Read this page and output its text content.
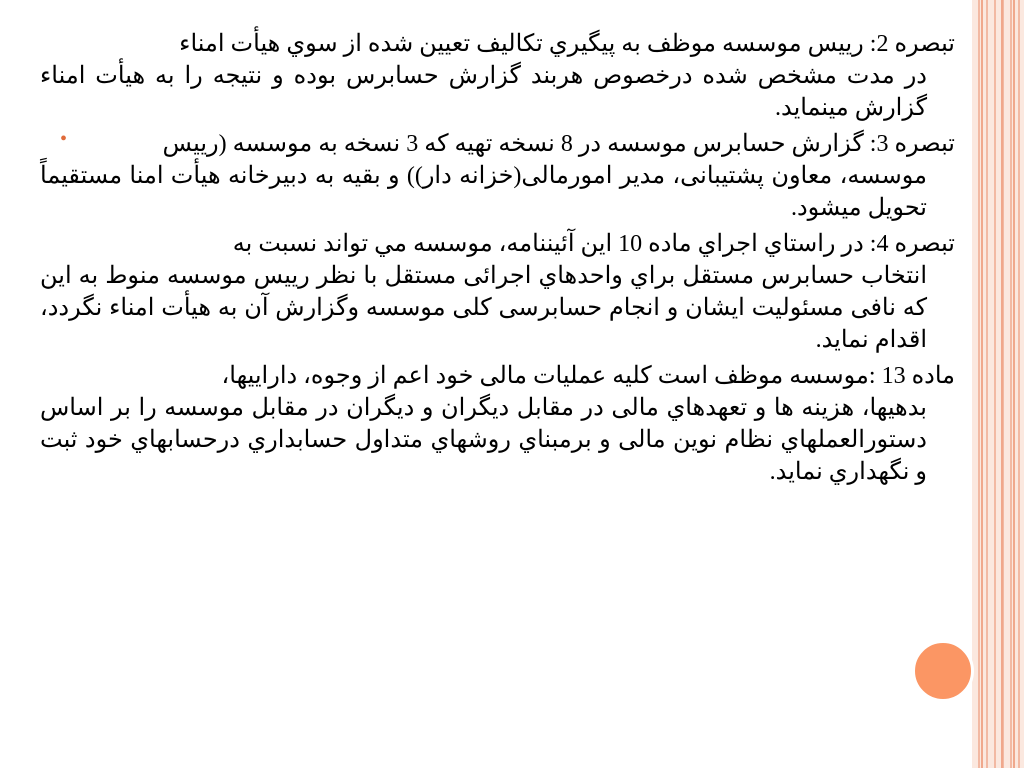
•
تبصره 2: رييس موسسه موظف به پيگيري تكاليف تعيين شده از سوي هيأت امناء
در مدت مشخص شده درخصوص هربند گزارش حسابرس بوده و نتيجه را به هيأت امناء گزارش مينمايد.
تبصره 3: گزارش حسابرس موسسه در 8 نسخه تهيه كه 3 نسخه به موسسه (رييس
موسسه، معاون پشتيبانی، مدير امورمالی(خزانه دار)) و بقيه به دبيرخانه هيأت امنا مستقيماً تحويل ميشود.
تبصره 4: در راستاي اجراي ماده 10 اين آئيننامه، موسسه مي تواند نسبت به
انتخاب حسابرس مستقل براي واحدهاي اجرائی مستقل با نظر رييس موسسه منوط به اين كه نافی مسئوليت ايشان و انجام حسابرسی كلی موسسه وگزارش آن به هيأت امناء نگردد، اقدام نمايد.
ماده 13 :موسسه موظف است كليه عمليات مالی خود اعم از وجوه، داراييها،
بدهيها، هزينه ها و تعهدهاي مالی در مقابل ديگران و ديگران در مقابل موسسه را بر اساس دستورالعملهاي نظام نوين مالی و برمبناي روشهاي متداول حسابداري درحسابهاي خود ثبت و نگهداري نمايد.
